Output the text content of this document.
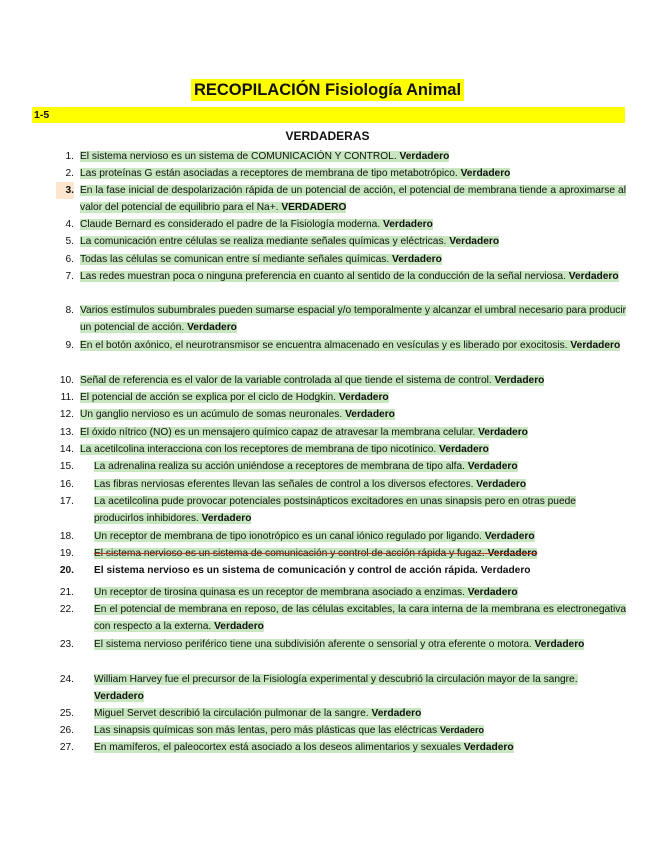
RECOPILACIÓN Fisiología Animal
1-5
VERDADERAS
1. El sistema nervioso es un sistema de COMUNICACIÓN Y CONTROL. Verdadero
2. Las proteínas G están asociadas a receptores de membrana de tipo metabotrópico. Verdadero
3. En la fase inicial de despolarización rápida de un potencial de acción, el potencial de membrana tiende a aproximarse al valor del potencial de equilibrio para el Na+. VERDADERO
4. Claude Bernard es considerado el padre de la Fisiología moderna. Verdadero
5. La comunicación entre células se realiza mediante señales químicas y eléctricas. Verdadero
6. Todas las células se comunican entre sí mediante señales químicas. Verdadero
7. Las redes muestran poca o ninguna preferencia en cuanto al sentido de la conducción de la señal nerviosa. Verdadero
8. Varios estímulos subumbrales pueden sumarse espacial y/o temporalmente y alcanzar el umbral necesario para producir un potencial de acción. Verdadero
9. En el botón axónico, el neurotransmisor se encuentra almacenado en vesículas y es liberado por exocitosis. Verdadero
10. Señal de referencia es el valor de la variable controlada al que tiende el sistema de control. Verdadero
11. El potencial de acción se explica por el ciclo de Hodgkin. Verdadero
12. Un ganglio nervioso es un acúmulo de somas neuronales. Verdadero
13. El óxido nítrico (NO) es un mensajero químico capaz de atravesar la membrana celular. Verdadero
14. La acetilcolina interacciona con los receptores de membrana de tipo nicotínico. Verdadero
15.	La adrenalina realiza su acción uniéndose a receptores de membrana de tipo alfa. Verdadero
16.	Las fibras nerviosas eferentes llevan las señales de control a los diversos efectores. Verdadero
17.	La acetilcolina pude provocar potenciales postsinápticos excitadores en unas sinapsis pero en otras puede producirlos inhibidores. Verdadero
18.	Un receptor de membrana de tipo ionotrópico es un canal iónico regulado por ligando. Verdadero
19.	El sistema nervioso es un sistema de comunicación y control de acción rápida y fugaz. Verdadero
20.	El sistema nervioso es un sistema de comunicación y control de acción rápida. Verdadero
21.	Un receptor de tirosina quinasa es un receptor de membrana asociado a enzimas. Verdadero
22.	En el potencial de membrana en reposo, de las células excitables, la cara interna de la membrana es electronegativa con respecto a la externa. Verdadero
23.	El sistema nervioso periférico tiene una subdivisión aferente o sensorial y otra eferente o motora. Verdadero
24.	William Harvey fue el precursor de la Fisiología experimental y descubrió la circulación mayor de la sangre. Verdadero
25.	Miguel Servet describió la circulación pulmonar de la sangre. Verdadero
26.	Las sinapsis químicas son más lentas, pero más plásticas que las eléctricas Verdadero
27.	En mamíferos, el paleocortex está asociado a los deseos alimentarios y sexuales Verdadero
